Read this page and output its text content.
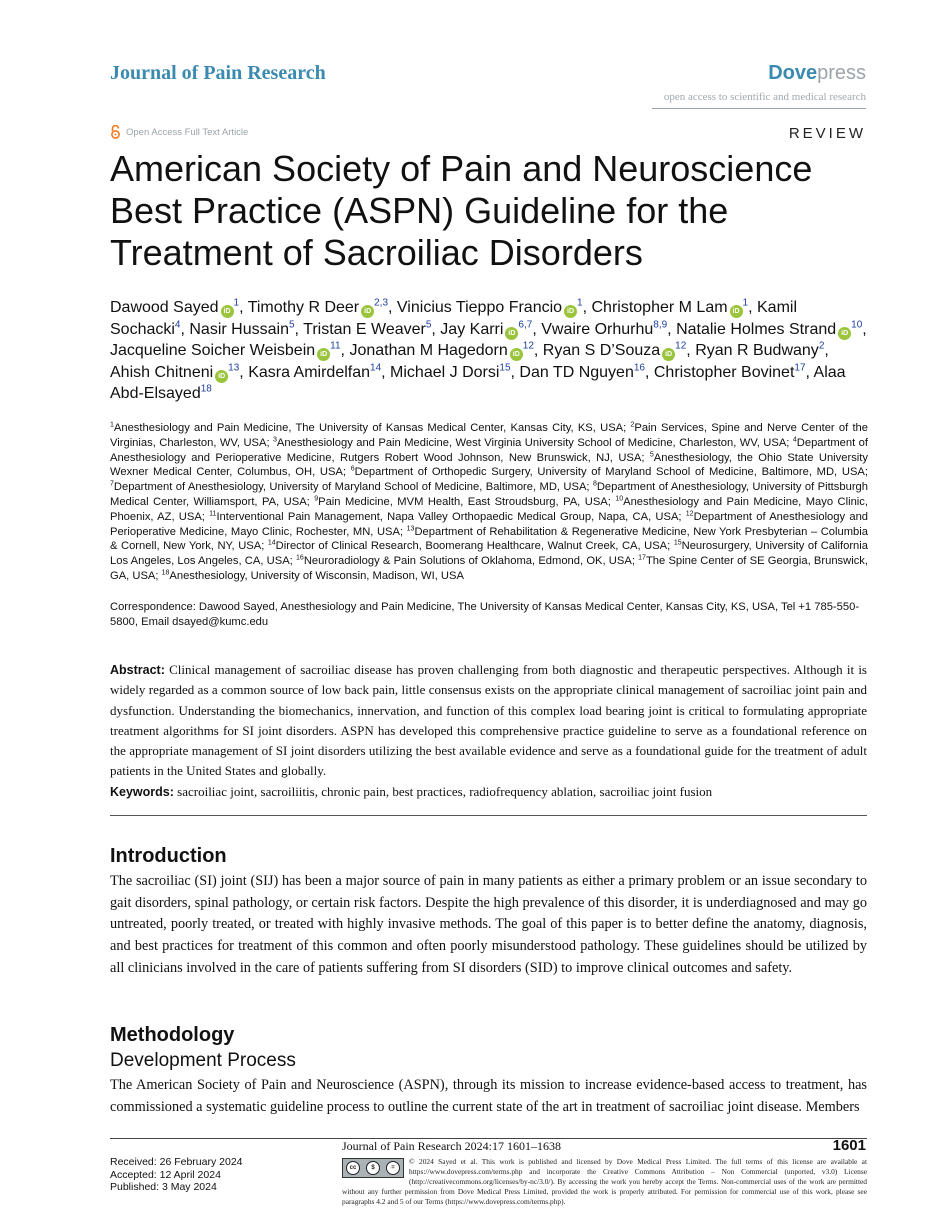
Journal of Pain Research	Dovepress
open access to scientific and medical research
Open Access Full Text Article	REVIEW
American Society of Pain and Neuroscience Best Practice (ASPN) Guideline for the Treatment of Sacroiliac Disorders
Dawood Sayed $iD^1$, Timothy R Deer iD$^{2,3}$, Vinicius Tieppo Francio $iD^1$, Christopher M Lam $iD^1$, Kamil Sochacki$^4$, Nasir Hussain$^5$, Tristan E Weaver$^5$, Jay Karri iD$^{6,7}$, Vwaire Orhurhu$^{8,9}$, Natalie Holmes Strand $iD^{10}$, Jacqueline Soicher Weisbein $iD^{11}$, Jonathan M Hagedorn $iD^{12}$, Ryan S D’Souza $iD^{12}$, Ryan R Budwany$^2$, Ahish Chitneni $iD^{13}$, Kasra Amirdelfan$^{14}$, Michael J Dorsi$^{15}$, Dan TD Nguyen$^{16}$, Christopher Bovinet$^{17}$, Alaa Abd-Elsayed$^{18}$
$^1$Anesthesiology and Pain Medicine, The University of Kansas Medical Center, Kansas City, KS, USA; $^2$Pain Services, Spine and Nerve Center of the Virginias, Charleston, WV, USA; $^3$Anesthesiology and Pain Medicine, West Virginia University School of Medicine, Charleston, WV, USA; $^4$Department of Anesthesiology and Perioperative Medicine, Rutgers Robert Wood Johnson, New Brunswick, NJ, USA; $^5$Anesthesiology, the Ohio State University Wexner Medical Center, Columbus, OH, USA; $^6$Department of Orthopedic Surgery, University of Maryland School of Medicine, Baltimore, MD, USA; $^7$Department of Anesthesiology, University of Maryland School of Medicine, Baltimore, MD, USA; $^8$Department of Anesthesiology, University of Pittsburgh Medical Center, Williamsport, PA, USA; $^9$Pain Medicine, MVM Health, East Stroudsburg, PA, USA; $^{10}$Anesthesiology and Pain Medicine, Mayo Clinic, Phoenix, AZ, USA; $^{11}$Interventional Pain Management, Napa Valley Orthopaedic Medical Group, Napa, CA, USA; $^{12}$Department of Anesthesiology and Perioperative Medicine, Mayo Clinic, Rochester, MN, USA; $^{13}$Department of Rehabilitation & Regenerative Medicine, New York Presbyterian – Columbia & Cornell, New York, NY, USA; $^{14}$Director of Clinical Research, Boomerang Healthcare, Walnut Creek, CA, USA; $^{15}$Neurosurgery, University of California Los Angeles, Los Angeles, CA, USA; $^{16}$Neuroradiology & Pain Solutions of Oklahoma, Edmond, OK, USA; $^{17}$The Spine Center of SE Georgia, Brunswick, GA, USA; $^{18}$Anesthesiology, University of Wisconsin, Madison, WI, USA
Correspondence: Dawood Sayed, Anesthesiology and Pain Medicine, The University of Kansas Medical Center, Kansas City, KS, USA, Tel +1 785-550-5800, Email dsayed@kumc.edu
Abstract: Clinical management of sacroiliac disease has proven challenging from both diagnostic and therapeutic perspectives. Although it is widely regarded as a common source of low back pain, little consensus exists on the appropriate clinical management of sacroiliac joint pain and dysfunction. Understanding the biomechanics, innervation, and function of this complex load bearing joint is critical to formulating appropriate treatment algorithms for SI joint disorders. ASPN has developed this comprehensive practice guideline to serve as a foundational reference on the appropriate management of SI joint disorders utilizing the best available evidence and serve as a foundational guide for the treatment of adult patients in the United States and globally.
Keywords: sacroiliac joint, sacroiliitis, chronic pain, best practices, radiofrequency ablation, sacroiliac joint fusion
Introduction
The sacroiliac (SI) joint (SIJ) has been a major source of pain in many patients as either a primary problem or an issue secondary to gait disorders, spinal pathology, or certain risk factors. Despite the high prevalence of this disorder, it is underdiagnosed and may go untreated, poorly treated, or treated with highly invasive methods. The goal of this paper is to better define the anatomy, diagnosis, and best practices for treatment of this common and often poorly misunderstood pathology. These guidelines should be utilized by all clinicians involved in the care of patients suffering from SI disorders (SID) to improve clinical outcomes and safety.
Methodology
Development Process
The American Society of Pain and Neuroscience (ASPN), through its mission to increase evidence-based access to treatment, has commissioned a systematic guideline process to outline the current state of the art in treatment of sacroiliac joint disease. Members
Journal of Pain Research 2024:17 1601–1638	1601
Received: 26 February 2024
Accepted: 12 April 2024
Published: 3 May 2024
cc	$	=
© 2024 Sayed et al. This work is published and licensed by Dove Medical Press Limited. The full terms of this license are available at https://www.dovepress.com/terms.php and incorporate the Creative Commons Attribution – Non Commercial (unported, v3.0) License (http://creativecommons.org/licenses/by-nc/3.0/). By accessing the work you hereby accept the Terms. Non-commercial uses of the work are permitted without any further permission from Dove Medical Press Limited, provided the work is properly attributed. For permission for commercial use of this work, please see paragraphs 4.2 and 5 of our Terms (https://www.dovepress.com/terms.php).
